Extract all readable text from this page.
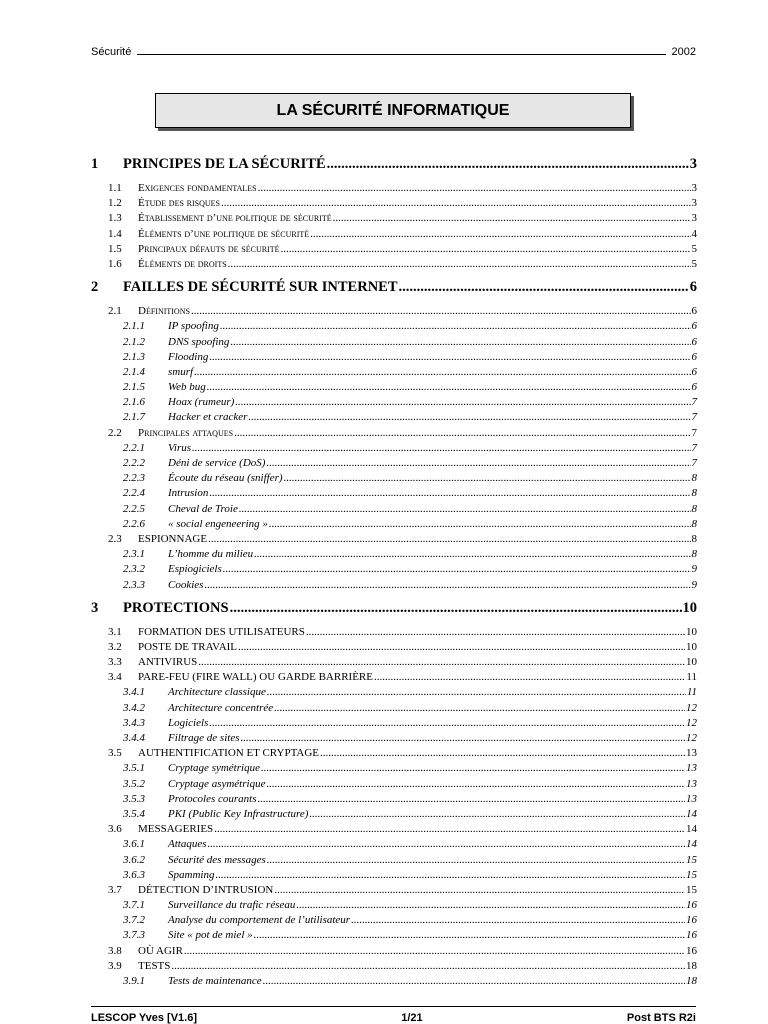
Sécurité	2002
LA SÉCURITÉ INFORMATIQUE
1	PRINCIPES DE LA SÉCURITÉ .....	3
1.1	Exigences fondamentales .....	3
1.2	Étude des risques .....	3
1.3	Établissement d’une politique de sécurité .....	3
1.4	Éléments d’une politique de sécurité .....	4
1.5	Principaux défauts de sécurité .....	5
1.6	Éléments de droits .....	5
2	FAILLES DE SÉCURITÉ SUR INTERNET .....	6
2.1	Définitions .....	6
2.1.1	IP spoofing .....	6
2.1.2	DNS spoofing .....	6
2.1.3	Flooding .....	6
2.1.4	smurf .....	6
2.1.5	Web bug .....	6
2.1.6	Hoax (rumeur) .....	7
2.1.7	Hacker et cracker .....	7
2.2	Principales attaques .....	7
2.2.1	Virus .....	7
2.2.2	Déni de service (DoS) .....	7
2.2.3	Écoute du réseau (sniffer) .....	8
2.2.4	Intrusion .....	8
2.2.5	Cheval de Troie .....	8
2.2.6	« social engeneering » .....	8
2.3	ESPIONNAGE .....	8
2.3.1	L’homme du milieu .....	8
2.3.2	Espiogiciels .....	9
2.3.3	Cookies .....	9
3	PROTECTIONS .....	10
3.1	FORMATION DES UTILISATEURS .....	10
3.2	POSTE DE TRAVAIL .....	10
3.3	ANTIVIRUS .....	10
3.4	PARE-FEU (FIRE WALL) OU GARDE BARRIÈRE .....	11
3.4.1	Architecture classique .....	11
3.4.2	Architecture concentrée .....	12
3.4.3	Logiciels .....	12
3.4.4	Filtrage de sites .....	12
3.5	AUTHENTIFICATION ET CRYPTAGE .....	13
3.5.1	Cryptage symétrique .....	13
3.5.2	Cryptage asymétrique .....	13
3.5.3	Protocoles courants .....	13
3.5.4	PKI (Public Key Infrastructure) .....	14
3.6	MESSAGERIES .....	14
3.6.1	Attaques .....	14
3.6.2	Sécurité des messages .....	15
3.6.3	Spamming .....	15
3.7	DÉTECTION D’INTRUSION .....	15
3.7.1	Surveillance du trafic réseau .....	16
3.7.2	Analyse du comportement de l’utilisateur .....	16
3.7.3	Site « pot de miel » .....	16
3.8	OÙ AGIR .....	16
3.9	TESTS .....	18
3.9.1	Tests de maintenance .....	18
LESCOP Yves [V1.6]	1/21	Post BTS R2i
